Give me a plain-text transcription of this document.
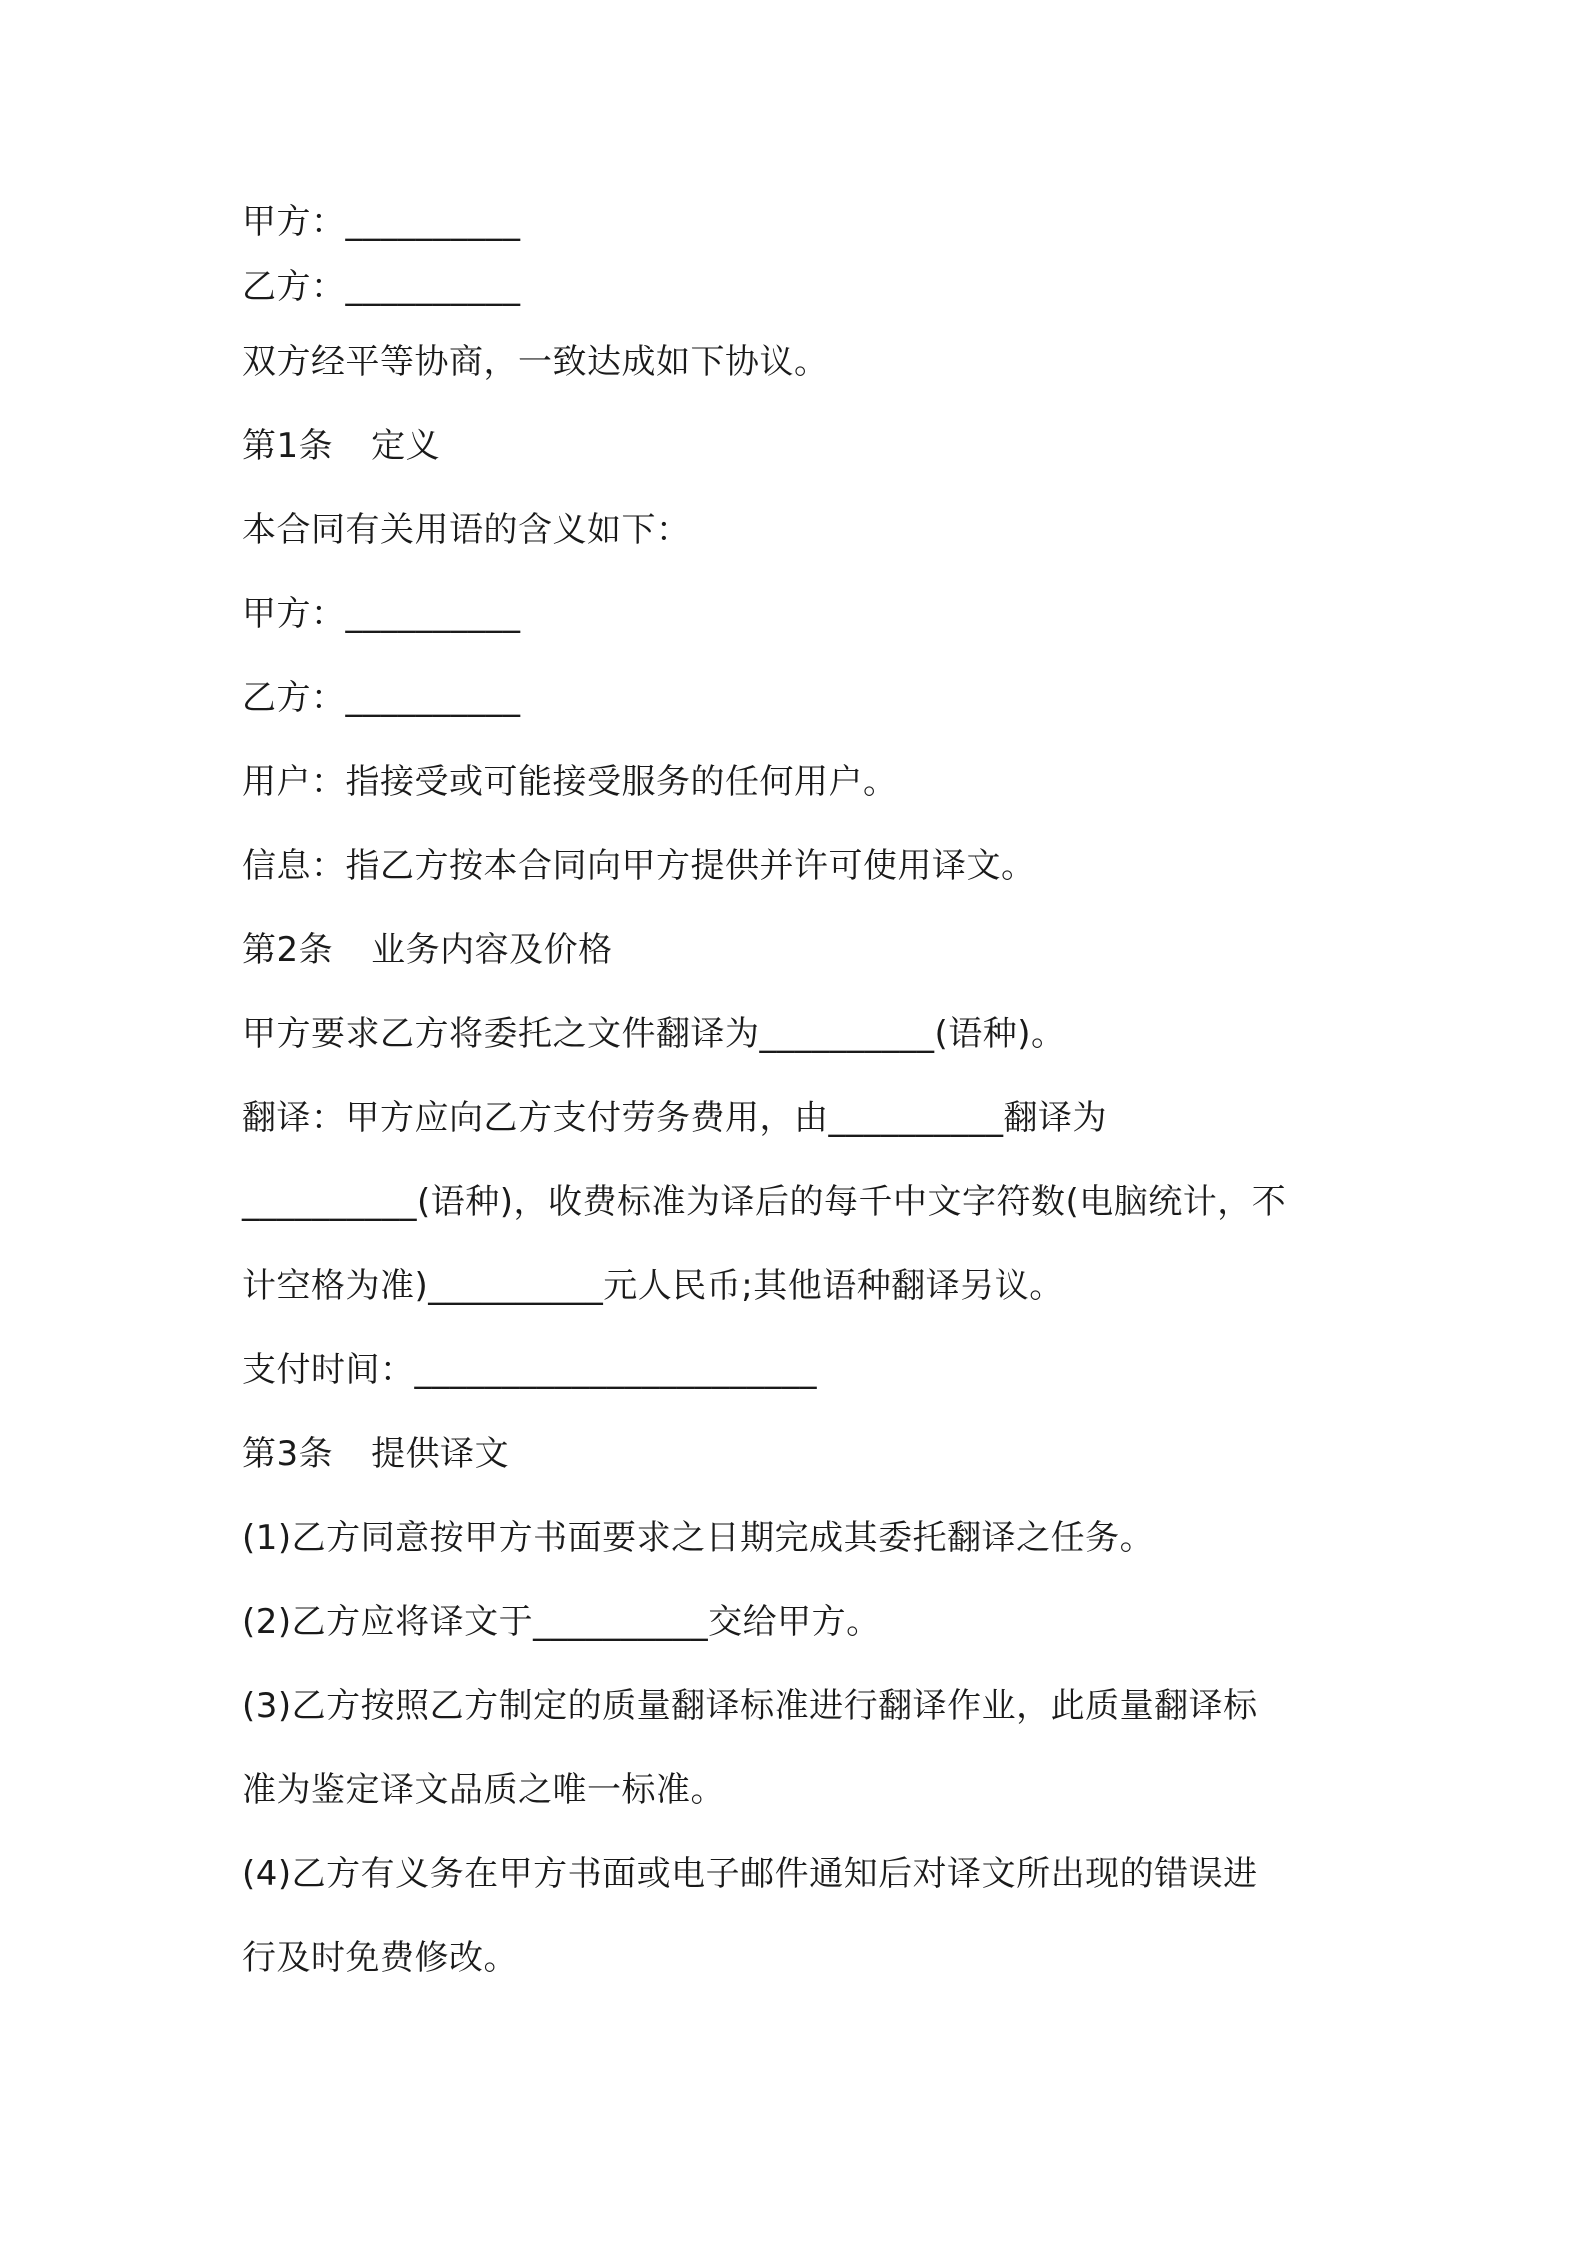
甲方：__________
乙方：__________
双方经平等协商，一致达成如下协议。
第1条 定义
本合同有关用语的含义如下：
甲方：__________
乙方：__________
用户：指接受或可能接受服务的任何用户。
信息：指乙方按本合同向甲方提供并许可使用译文。
第2条 业务内容及价格
甲方要求乙方将委托之文件翻译为__________(语种)。
翻译：甲方应向乙方支付劳务费用，由__________翻译为
__________(语种)，收费标准为译后的每千中文字符数(电脑统计，不
计空格为准)__________元人民币;其他语种翻译另议。
支付时间：_______________________
第3条 提供译文
(1)乙方同意按甲方书面要求之日期完成其委托翻译之任务。
(2)乙方应将译文于__________交给甲方。
(3)乙方按照乙方制定的质量翻译标准进行翻译作业，此质量翻译标
准为鉴定译文品质之唯一标准。
(4)乙方有义务在甲方书面或电子邮件通知后对译文所出现的错误进
行及时免费修改。
